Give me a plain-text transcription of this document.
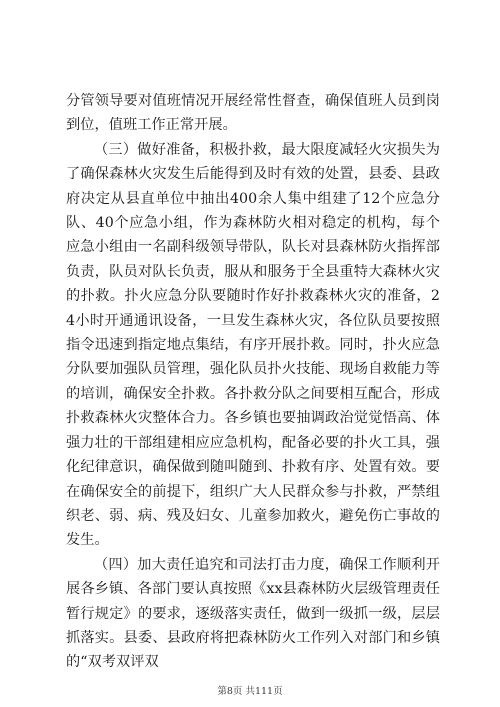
分管领导要对值班情况开展经常性督查，确保值班人员到岗到位，值班工作正常开展。

（三）做好准备，积极扑救，最大限度减轻火灾损失为了确保森林火灾发生后能得到及时有效的处置，县委、县政府决定从县直单位中抽出400余人集中组建了12个应急分队、40个应急小组，作为森林防火相对稳定的机构，每个应急小组由一名副科级领导带队，队长对县森林防火指挥部负责，队员对队长负责，服从和服务于全县重特大森林火灾的扑救。扑火应急分队要随时作好扑救森林火灾的准备，24小时开通通讯设备，一旦发生森林火灾，各位队员要按照指令迅速到指定地点集结，有序开展扑救。同时，扑火应急分队要加强队员管理，强化队员扑火技能、现场自救能力等的培训，确保安全扑救。各扑救分队之间要相互配合，形成扑救森林火灾整体合力。各乡镇也要抽调政治觉觉悟高、体强力壮的干部组建相应应急机构，配备必要的扑火工具，强化纪律意识，确保做到随叫随到、扑救有序、处置有效。要在确保安全的前提下，组织广大人民群众参与扑救，严禁组织老、弱、病、残及妇女、儿童参加救火，避免伤亡事故的发生。

（四）加大责任追究和司法打击力度，确保工作顺利开展各乡镇、各部门要认真按照《xx县森林防火层级管理责任暂行规定》的要求，逐级落实责任，做到一级抓一级，层层抓落实。县委、县政府将把森林防火工作列入对部门和乡镇的“双考双评双

第8页 共111页
